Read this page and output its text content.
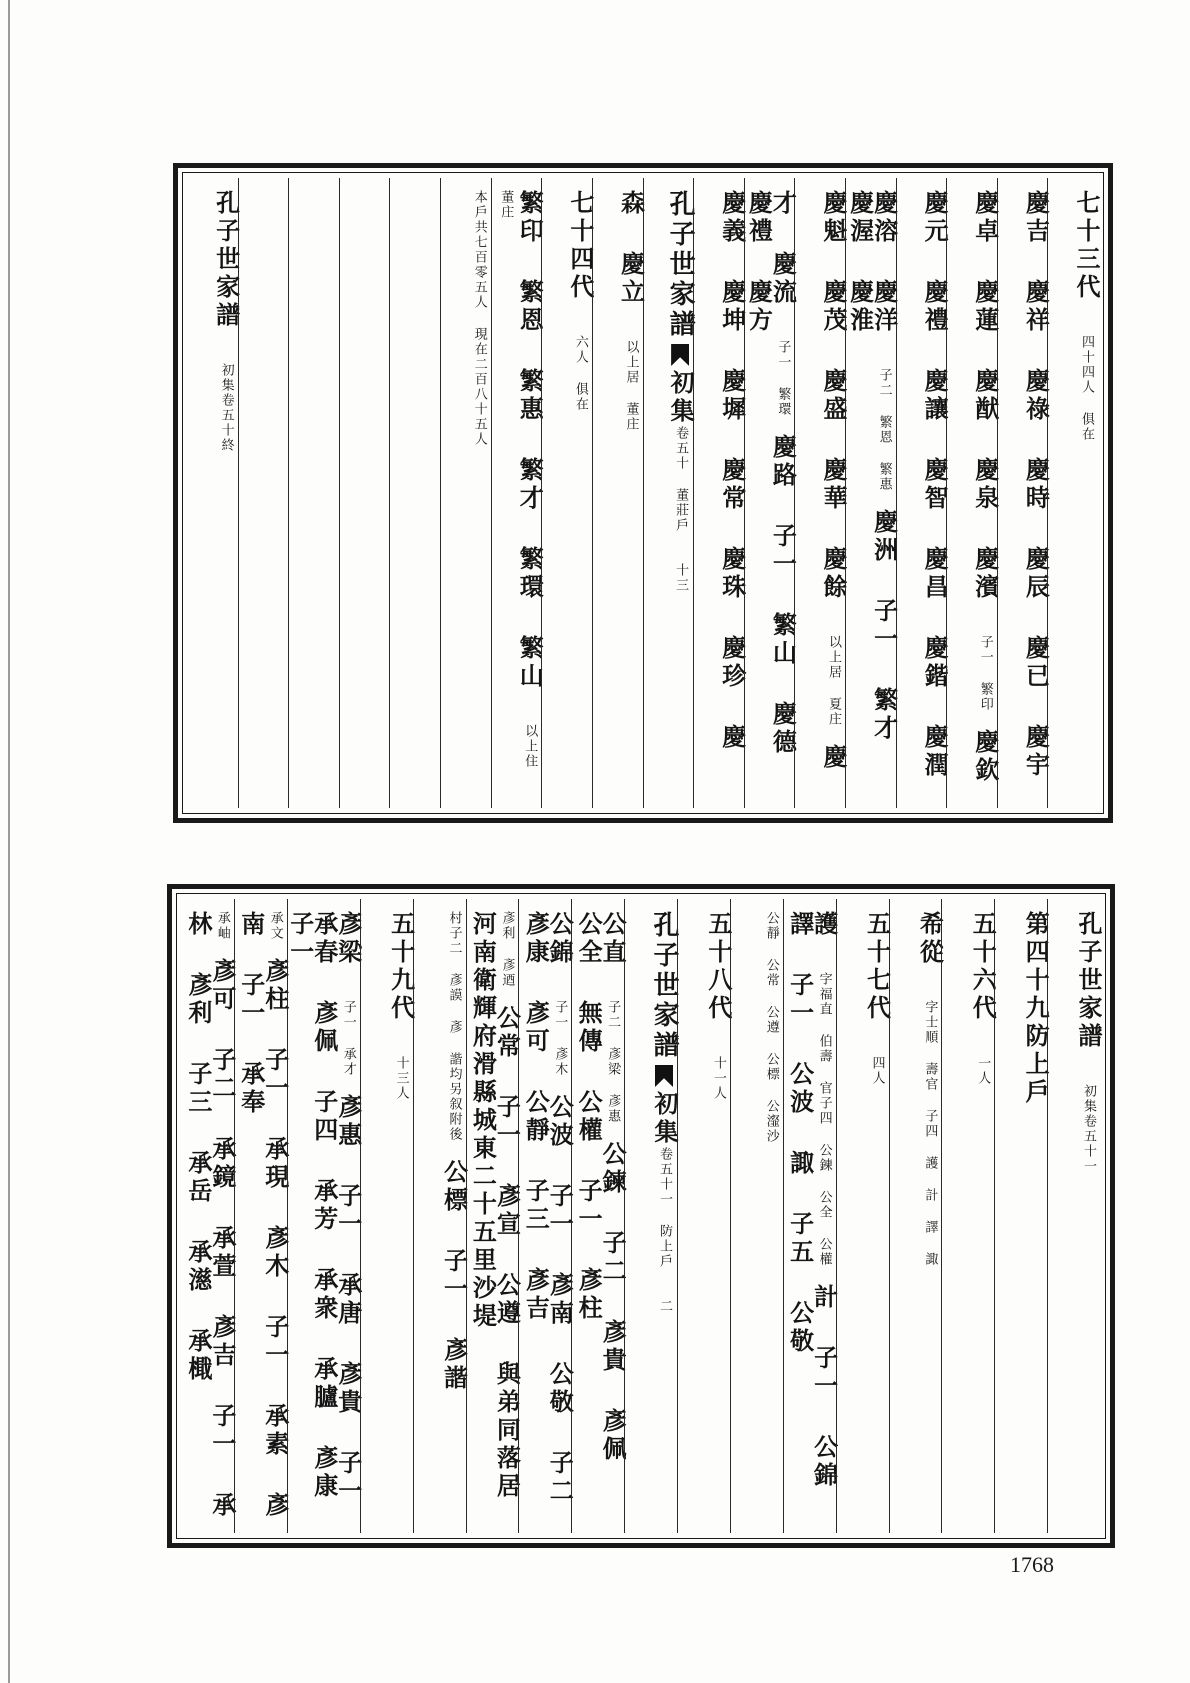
七十三代 四十四人 俱在
慶吉 慶祥 慶祿 慶時 慶辰 慶已 慶宇
慶卓 慶蓮 慶猷 慶泉 慶濱 子一 繁印 慶欽
慶元 慶禮 慶讓 慶智 慶昌 慶鍇 慶潤
慶溶 慶洋 子二 繁恩 繁惠 慶洲 子一 繁才 慶渥 慶淮
慶魁 慶茂 慶盛 慶華 慶餘 以上居 夏庄 慶
才 慶流 子一 繁環 慶路 子一 繁山 慶德 慶禮 慶方
慶義 慶坤 慶墀 慶常 慶珠 慶珍 慶
孔子世家譜初集卷五十 董莊戶十三
森 慶立 以上居 董庄
七十四代 六人 俱在
繁印 繁恩 繁惠 繁才 繁環 繁山 以上住 董庄
本戶共七百零五人 現在二百八十五人
孔子世家譜 初集卷五十終
孔子世家譜 初集卷五十一
第四十九防上戶
五十六代 一人
希從 字士順 壽官 子四 護 計 譯 諏
五十七代 四人
護 字福直 伯壽 官子四 公鍊 公全 公權 計 子一 公錦 譯 子一 公波 諏 子五 公敬
公靜 公常 公遵 公標 公瀣沙
五十八代 十一人
孔子世家譜初集卷五十一 防上戶二
公直 子二 彥梁 彥惠 公鍊 子二 彥貴 彥佩 公全 無傳 公權 子一 彥柱
公錦 子一 彥木 公波 子一 彥南 公敬 子二 彥康 彥可 公靜 子三 彥吉
彥利 彥迺 公常 子一 彥宣 公遵 與弟同落居河南衛輝府滑縣城東二十五里沙堤
村子二 彥謨 彥 諧均另叙附後 公標 子一 彥諧
五十九代 十三人
彥梁 子一 承才 彥惠 子一 承唐 彥貴 子一 承春 彥佩 子四 承芳 承衆 承臚 彥康 子一
承文 彥柱 子一 承現 彥木 子一 承素 彥南 子一 承奉
承岫 彥可 子二 承鏡 承萱 彥吉 子一 承林 彥利 子三 承岳 承濨 承檝
1768
